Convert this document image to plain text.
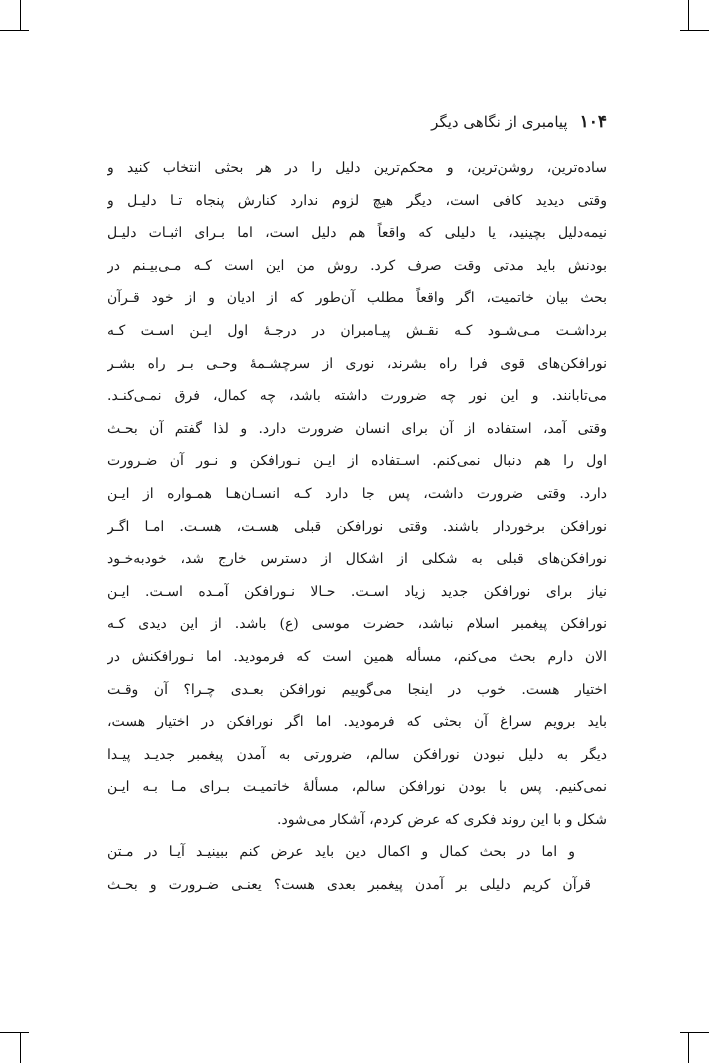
۱۰۴
پیامبری از نگاهی دیگر
ساده‌ترین، روشن‌ترین، و محکم‌ترین دلیل را در هر بحثی انتخاب کنید و
وقتی دیدید کافی است، دیگر هیچ لزوم ندارد کنارش پنجاه تـا دلیـل و
نیمه‌دلیل بچینید، یا دلیلی که واقعاً هم دلیل است، اما بـرای اثبـات دلیـل
بودنش باید مدتی وقت صرف کرد. روش من این است کـه مـی‌بیـنم در
بحث بیان خاتمیت، اگر واقعاً مطلب آن‌طور که از ادیان و از خود قـرآن
برداشـت مـی‌شـود کـه نقـش پیـامبران در درجـهٔ اول ایـن اسـت کـه
نورافکن‌های قوی فرا راه بشرند، نوری از سرچشـمهٔ وحـی بـر راه بشـر
می‌تابانند. و این نور چه ضرورت داشته باشد، چه کمال، فرق نمـی‌کنـد.
وقتی آمد، استفاده از آن برای انسان ضرورت دارد. و لذا گفتم آن بحـث
اول را هم دنبال نمی‌کنم. اسـتفاده از ایـن نـورافکن و نـور آن ضـرورت
دارد. وقتی ضرورت داشت، پس جا دارد کـه انسـان‌هـا همـواره از ایـن
نورافکن برخوردار باشند. وقتی نورافکن قبلی هسـت، هسـت. امـا اگـر
نورافکن‌های قبلی به شکلی از اشکال از دسترس خارج شد، خودبه‌خـود
نیاز برای نورافکن جدید زیاد اسـت. حـالا نـورافکن آمـده اسـت. ایـن
نورافکن پیغمبر اسلام نباشد، حضرت موسی (ع) باشد. از این دیدی کـه
الان دارم بحث می‌کنم، مسأله همین است که فرمودید. اما نـورافکنش در
اختیار هست. خوب در اینجا می‌گوییم نورافکن بعـدی چـرا؟ آن وقـت
باید برویم سراغ آن بحثی که فرمودید. اما اگر نورافکن در اختیار هست،
دیگر به دلیل نبودن نورافکن سالم، ضرورتی به آمدن پیغمبر جدیـد پیـدا
نمی‌کنیم. پس با بودن نورافکن سالم، مسألهٔ خاتمیـت بـرای مـا بـه ایـن
شکل و با این روند فکری که عرض کردم، آشکار می‌شود.
و اما در بحث کمال و اکمال دین باید عرض کنم ببینیـد آیـا در مـتن
قرآن کریم دلیلی بر آمدن پیغمبر بعدی هست؟ یعنـی ضـرورت و بحـث
